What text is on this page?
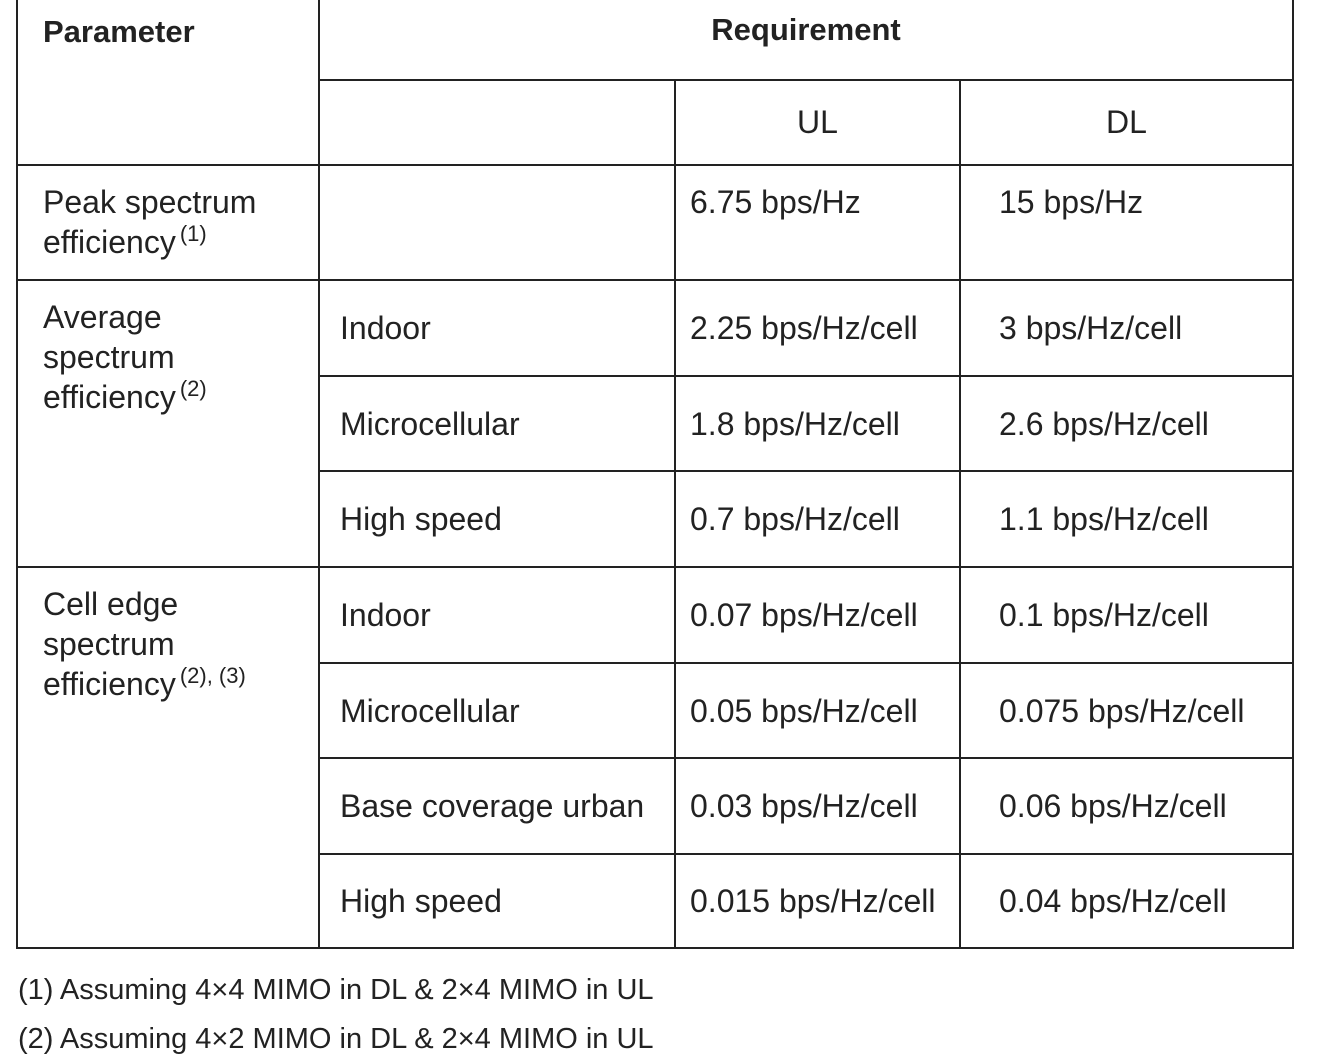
Parameter	Requirement		
		UL	DL

Peak spectrum
efficiency $^{(1)}$		6.75 bps/Hz	15 bps/Hz

Average
spectrum
efficiency $^{(2)}$	Indoor	2.25 bps/Hz/cell	3 bps/Hz/cell
	Microcellular	1.8 bps/Hz/cell	2.6 bps/Hz/cell
	High speed	0.7 bps/Hz/cell	1.1 bps/Hz/cell

Cell edge
spectrum
efficiency $^{(2), (3)}$	Indoor	0.07 bps/Hz/cell	0.1 bps/Hz/cell
	Microcellular	0.05 bps/Hz/cell	0.075 bps/Hz/cell
	Base coverage urban	0.03 bps/Hz/cell	0.06 bps/Hz/cell
	High speed	0.015 bps/Hz/cell	0.04 bps/Hz/cell
(1) Assuming 4×4 MIMO in DL & 2×4 MIMO in UL
(2) Assuming 4×2 MIMO in DL & 2×4 MIMO in UL
